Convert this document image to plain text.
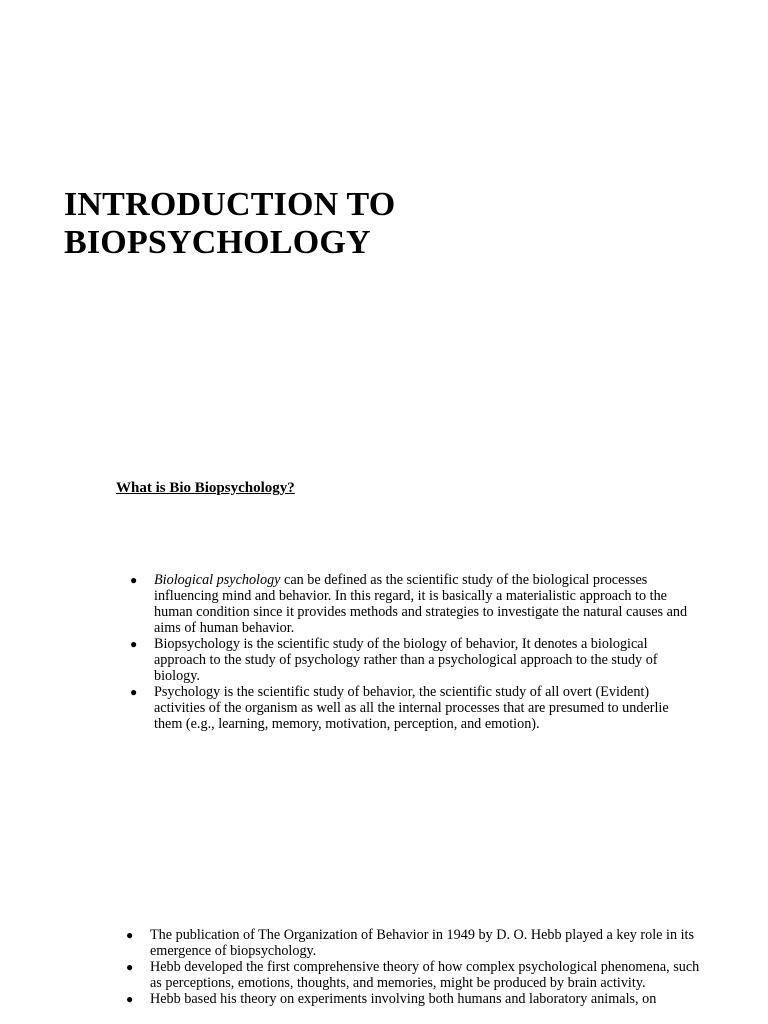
INTRODUCTION TO
BIOPSYCHOLOGY
What is Bio Biopsychology?
● Biological psychology can be defined as the scientific study of the biological processes influencing mind and behavior. In this regard, it is basically a materialistic approach to the human condition since it provides methods and strategies to investigate the natural causes and aims of human behavior.
● Biopsychology is the scientific study of the biology of behavior, It denotes a biological approach to the study of psychology rather than a psychological approach to the study of biology.
● Psychology is the scientific study of behavior, the scientific study of all overt (Evident) activities of the organism as well as all the internal processes that are presumed to underlie them (e.g., learning, memory, motivation, perception, and emotion).
● The publication of The Organization of Behavior in 1949 by D. O. Hebb played a key role in its emergence of biopsychology.
● Hebb developed the first comprehensive theory of how complex psychological phenomena, such as perceptions, emotions, thoughts, and memories, might be produced by brain activity.
● Hebb based his theory on experiments involving both humans and laboratory animals, on
